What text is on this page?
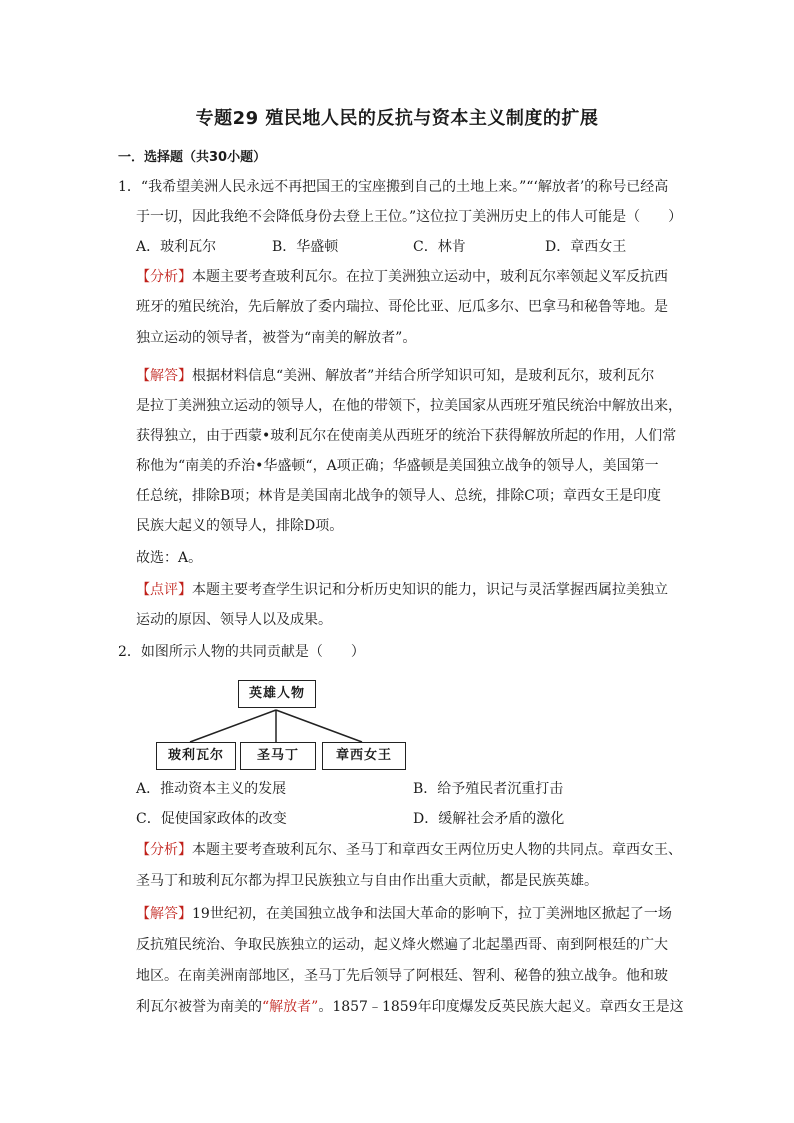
专题29 殖民地人民的反抗与资本主义制度的扩展
一．选择题（共30小题）
1．“我希望美洲人民永远不再把国王的宝座搬到自己的土地上来。”“‘解放者’的称号已经高
于一切，因此我绝不会降低身份去登上王位。”这位拉丁美洲历史上的伟人可能是（　　）
A．玻利瓦尔	B．华盛顿	C．林肯	D．章西女王
【分析】本题主要考查玻利瓦尔。在拉丁美洲独立运动中，玻利瓦尔率领起义军反抗西
班牙的殖民统治，先后解放了委内瑞拉、哥伦比亚、厄瓜多尔、巴拿马和秘鲁等地。是
独立运动的领导者，被誉为“南美的解放者”。
【解答】根据材料信息“美洲、解放者”并结合所学知识可知，是玻利瓦尔，玻利瓦尔
是拉丁美洲独立运动的领导人，在他的带领下，拉美国家从西班牙殖民统治中解放出来，
获得独立，由于西蒙•玻利瓦尔在使南美从西班牙的统治下获得解放所起的作用，人们常
称他为“南美的乔治•华盛顿“，A项正确；华盛顿是美国独立战争的领导人，美国第一
任总统，排除B项；林肯是美国南北战争的领导人、总统，排除C项；章西女王是印度
民族大起义的领导人，排除D项。
故选：A。
【点评】本题主要考查学生识记和分析历史知识的能力，识记与灵活掌握西属拉美独立
运动的原因、领导人以及成果。
2．如图所示人物的共同贡献是（　　）
英雄人物
玻利瓦尔	圣马丁	章西女王
A．推动资本主义的发展	B．给予殖民者沉重打击
C．促使国家政体的改变	D．缓解社会矛盾的激化
【分析】本题主要考查玻利瓦尔、圣马丁和章西女王两位历史人物的共同点。章西女王、
圣马丁和玻利瓦尔都为捍卫民族独立与自由作出重大贡献，都是民族英雄。
【解答】19世纪初，在美国独立战争和法国大革命的影响下，拉丁美洲地区掀起了一场
反抗殖民统治、争取民族独立的运动，起义烽火燃遍了北起墨西哥、南到阿根廷的广大
地区。在南美洲南部地区，圣马丁先后领导了阿根廷、智利、秘鲁的独立战争。他和玻
利瓦尔被誉为南美的“解放者”。1857﹣1859年印度爆发反英民族大起义。章西女王是这
